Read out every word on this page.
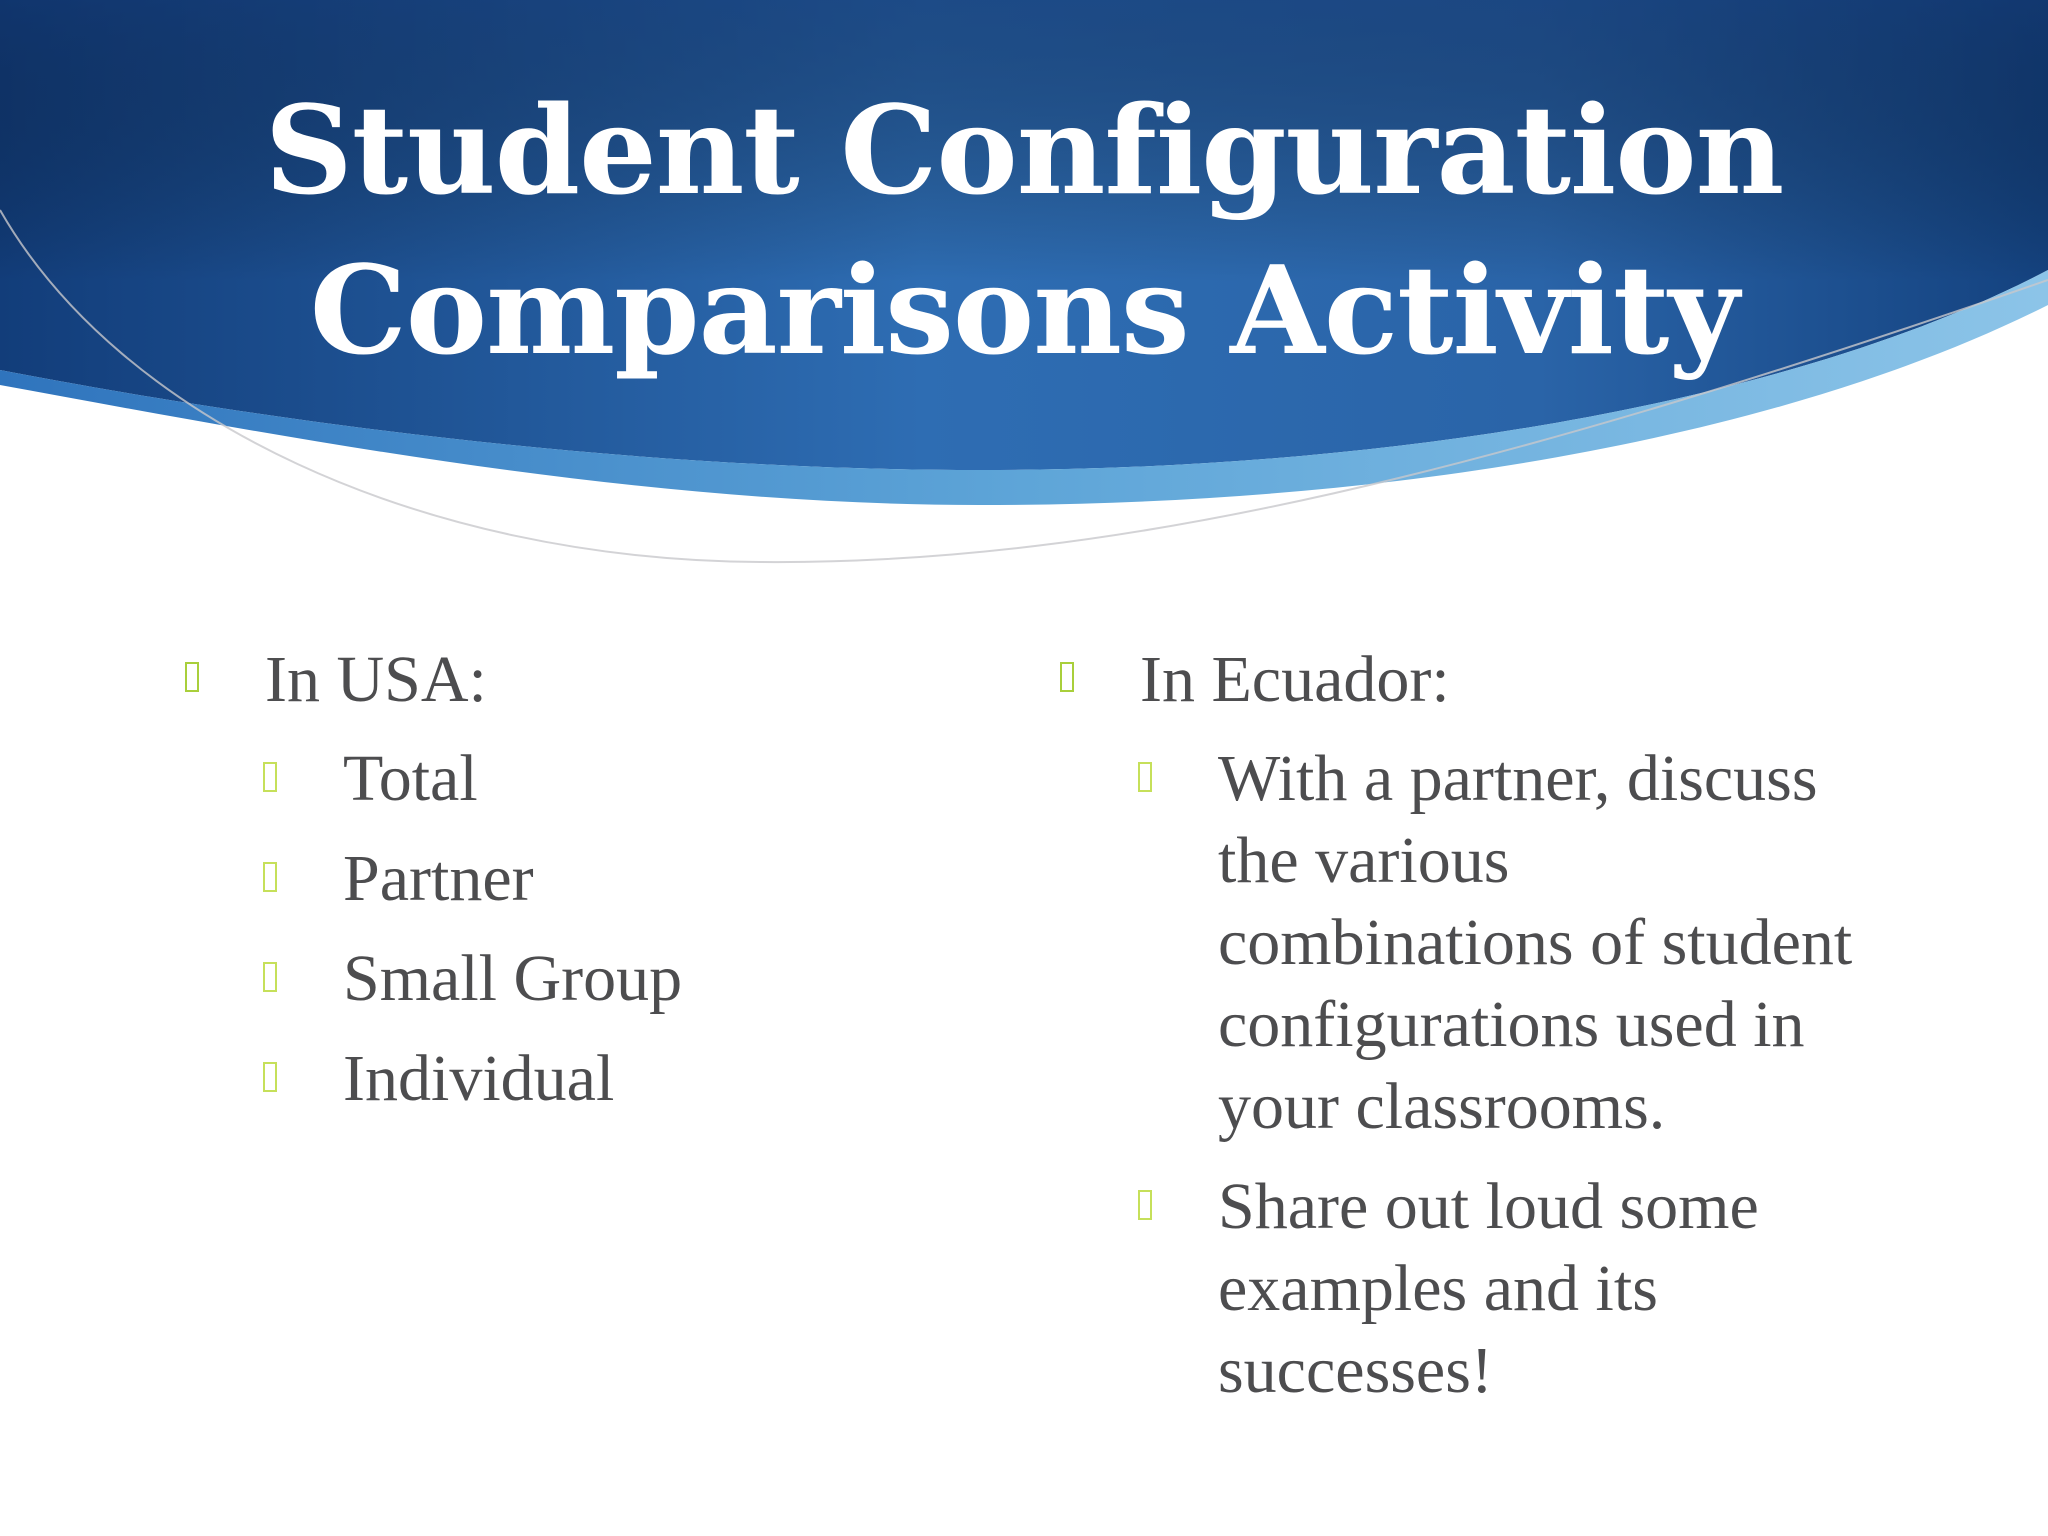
Student Configuration
Comparisons Activity
In USA:
Total
Partner
Small Group
Individual
In Ecuador:
With a partner, discuss the various combinations of student configurations used in your classrooms.
Share out loud some examples and its successes!
